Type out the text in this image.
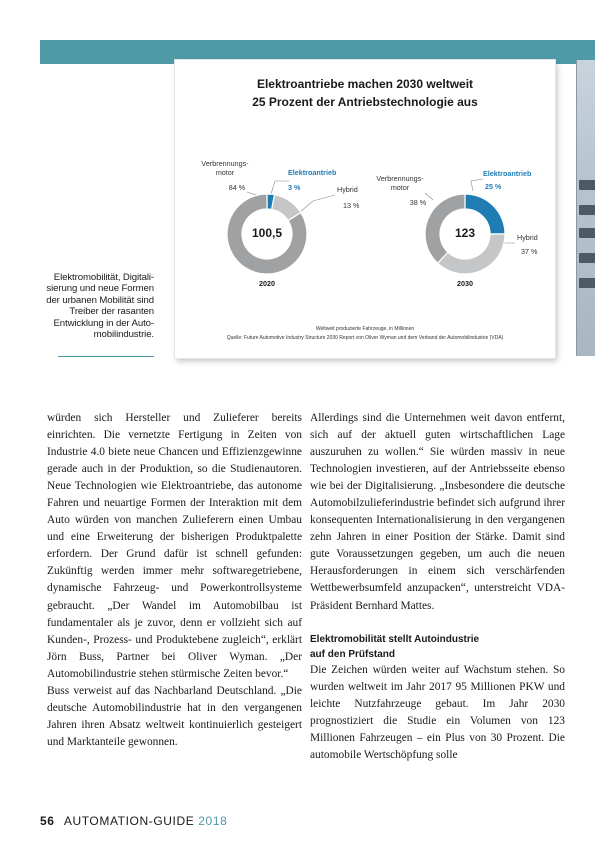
Elektroantriebe machen 2030 weltweit
25 Prozent der Antriebstechnologie aus
Verbrennungs-
motor
84 %
Elektroantrieb
3 %	Hybrid
13 %
100,5
2020
Verbrennungs-
motor
38 %
Elektroantrieb
25 %
Hybrid
37 %
123
2030
Weltweit produzierte Fahrzeuge, in Millionen
Quelle: Future Automotive Industry Structure 2030 Report von Oliver Wyman und dem Verband der Automobilindustrie (VDA)
Elektromobilität, Digitali-
sierung und neue Formen
der urbanen Mobilität sind
Treiber der rasanten
Entwicklung in der Auto-
mobilindustrie.

würden sich Hersteller und Zulieferer bereits einrichten. Die vernetzte Fertigung in Zeiten von Industrie 4.0 biete neue Chancen und Effizienzgewinne gerade auch in der Produktion, so die Studienautoren. Neue Technologien wie Elektroantriebe, das autonome Fahren und neuartige Formen der Interaktion mit dem Auto würden von manchen Zulieferern einen Umbau und eine Erweiterung der bisherigen Produktpalette erfordern. Der Grund dafür ist schnell gefunden: Zukünftig werden immer mehr softwaregetriebene, dynamische Fahrzeug- und Powerkontrollsysteme gebraucht. „Der Wandel im Automobilbau ist fundamentaler als je zuvor, denn er vollzieht sich auf Kunden-, Prozess- und Produktebene zugleich“, erklärt Jörn Buss, Partner bei Oliver Wyman. „Der Automobilindustrie stehen stürmische Zeiten bevor.“

Buss verweist auf das Nachbarland Deutschland. „Die deutsche Automobilindustrie hat in den vergangenen Jahren ihren Absatz weltweit kontinuierlich gesteigert und Marktanteile gewonnen.

Allerdings sind die Unternehmen weit davon entfernt, sich auf der aktuell guten wirtschaftlichen Lage auszuruhen zu wollen.“ Sie würden massiv in neue Technologien investieren, auf der Antriebsseite ebenso wie bei der Digitalisierung. „Insbesondere die deutsche Automobilzulieferindustrie befindet sich aufgrund ihrer konsequenten Internationalisierung in den vergangenen zehn Jahren in einer Position der Stärke. Damit sind gute Voraussetzungen gegeben, um auch die neuen Herausforderungen in einem sich verschärfenden Wettbewerbsumfeld anzupacken“, unterstreicht VDA-Präsident Bernhard Mattes.

Elektromobilität stellt Autoindustrie
auf den Prüfstand

Die Zeichen würden weiter auf Wachstum stehen. So wurden weltweit im Jahr 2017 95 Millionen PKW und leichte Nutzfahrzeuge gebaut. Im Jahr 2030 prognostiziert die Studie ein Volumen von 123 Millionen Fahrzeugen – ein Plus von 30 Prozent. Die automobile Wertschöpfung solle

56 AUTOMATION-GUIDE 2018
